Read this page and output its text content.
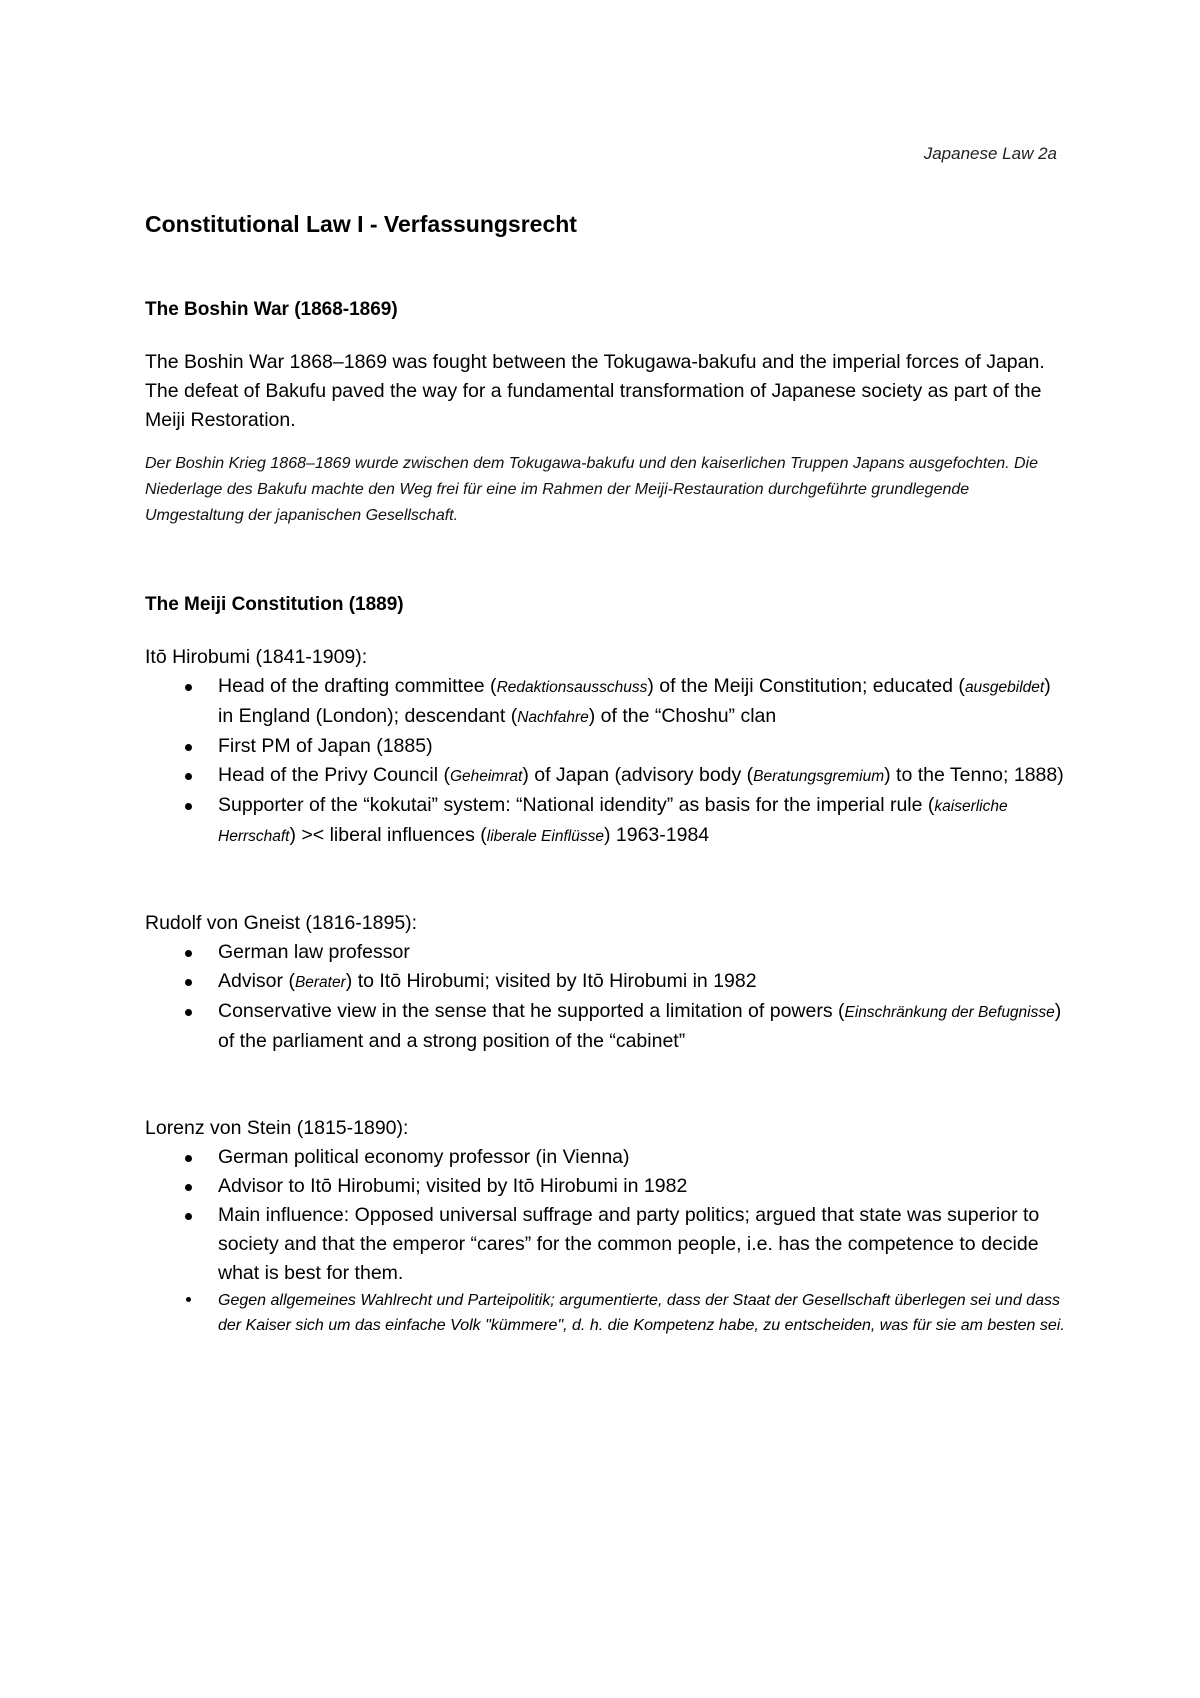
Japanese Law 2a
Constitutional Law I - Verfassungsrecht
The Boshin War (1868-1869)

The Boshin War 1868–1869 was fought between the Tokugawa-bakufu and the imperial forces of Japan. The defeat of Bakufu paved the way for a fundamental transformation of Japanese society as part of the Meiji Restoration.

Der Boshin Krieg 1868–1869 wurde zwischen dem Tokugawa-bakufu und den kaiserlichen Truppen Japans ausgefochten. Die Niederlage des Bakufu machte den Weg frei für eine im Rahmen der Meiji-Restauration durchgeführte grundlegende Umgestaltung der japanischen Gesellschaft.

The Meiji Constitution (1889)

Itō Hirobumi (1841-1909):

Head of the drafting committee (Redaktionsausschuss) of the Meiji Constitution; educated (ausgebildet) in England (London); descendant (Nachfahre) of the “Choshu” clan
First PM of Japan (1885)
Head of the Privy Council (Geheimrat) of Japan (advisory body (Beratungsgremium) to the Tenno; 1888)
Supporter of the “kokutai” system: “National idendity” as basis for the imperial rule (kaiserliche Herrschaft) >< liberal influences (liberale Einflüsse) 1963-1984

Rudolf von Gneist (1816-1895):

German law professor
Advisor (Berater) to Itō Hirobumi; visited by Itō Hirobumi in 1982
Conservative view in the sense that he supported a limitation of powers (Einschränkung der Befugnisse) of the parliament and a strong position of the “cabinet”

Lorenz von Stein (1815-1890):

German political economy professor (in Vienna)
Advisor to Itō Hirobumi; visited by Itō Hirobumi in 1982
Main influence: Opposed universal suffrage and party politics; argued that state was superior to society and that the emperor “cares” for the common people, i.e. has the competence to decide what is best for them.
Gegen allgemeines Wahlrecht und Parteipolitik; argumentierte, dass der Staat der Gesellschaft überlegen sei und dass der Kaiser sich um das einfache Volk "kümmere", d. h. die Kompetenz habe, zu entscheiden, was für sie am besten sei.
